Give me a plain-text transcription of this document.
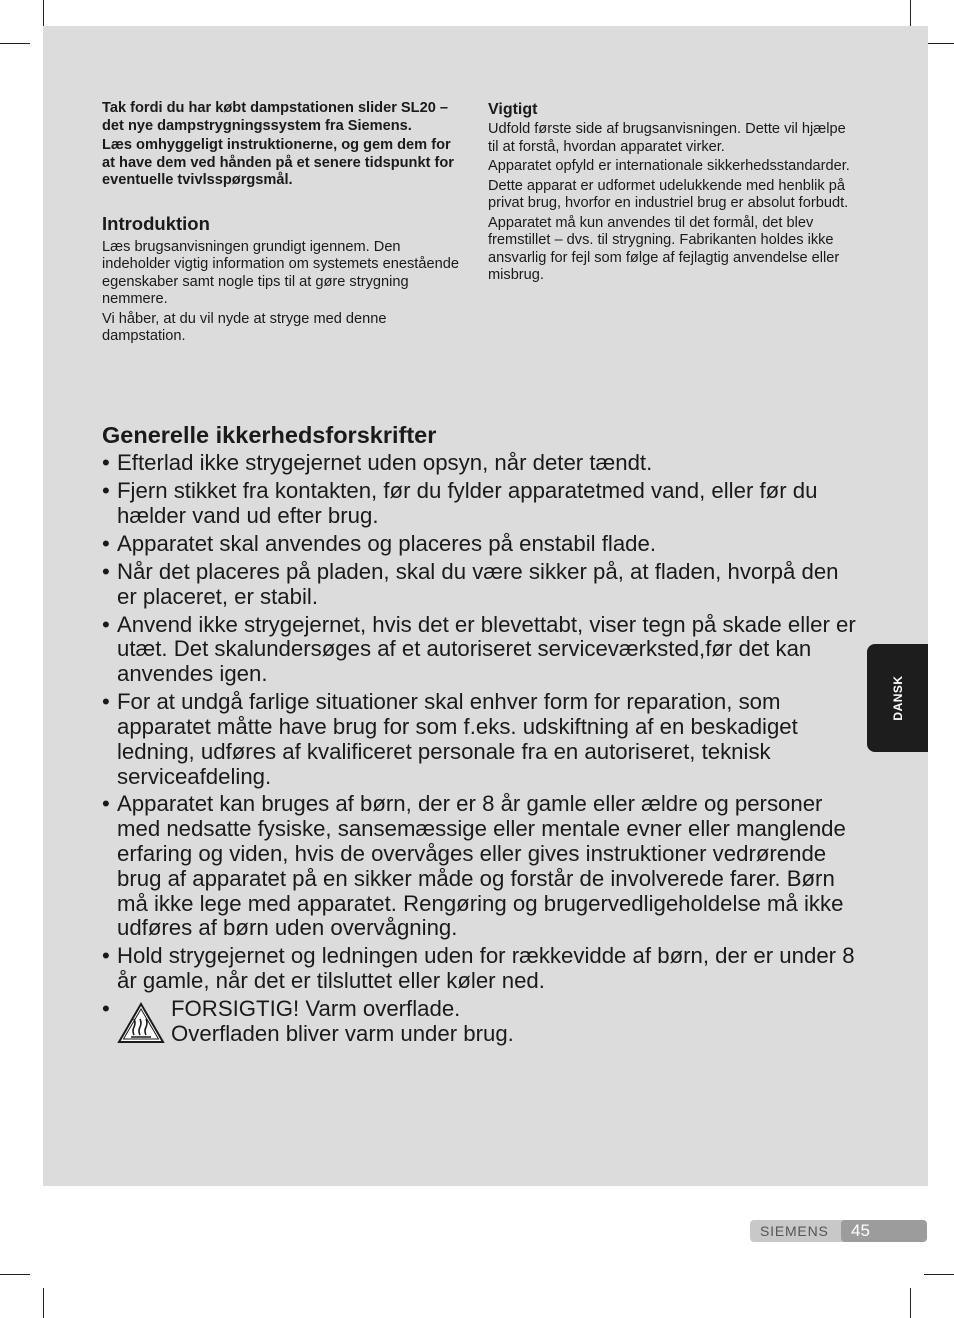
Tak fordi du har købt dampstationen slider SL20 – det nye dampstrygningssystem fra Siemens.

Læs omhyggeligt instruktionerne, og gem dem for at have dem ved hånden på et senere tidspunkt for eventuelle tvivlsspørgsmål.

Introduktion

Læs brugsanvisningen grundigt igennem. Den indeholder vigtig information om systemets enestående egenskaber samt nogle tips til at gøre strygning nemmere.

Vi håber, at du vil nyde at stryge med denne dampstation.

Vigtigt

Udfold første side af brugsanvisningen. Dette vil hjælpe til at forstå, hvordan apparatet virker.

Apparatet opfyld er internationale sikkerhedsstandarder.

Dette apparat er udformet udelukkende med henblik på privat brug, hvorfor en industriel brug er absolut forbudt.

Apparatet må kun anvendes til det formål, det blev fremstillet – dvs. til strygning. Fabrikanten holdes ikke ansvarlig for fejl som følge af fejlagtig anvendelse eller misbrug.

Generelle ikkerhedsforskrifter
• Efterlad ikke strygejernet uden opsyn, når deter tændt.
• Fjern stikket fra kontakten, før du fylder apparatetmed vand, eller før du hælder vand ud efter brug.
• Apparatet skal anvendes og placeres på enstabil flade.
• Når det placeres på pladen, skal du være sikker på, at fladen, hvorpå den er placeret, er stabil.
• Anvend ikke strygejernet, hvis det er blevettabt, viser tegn på skade eller er utæt. Det skalundersøges af et autoriseret serviceværksted,før det kan anvendes igen.
• For at undgå farlige situationer skal enhver form for reparation, som apparatet måtte have brug for som f.eks. udskiftning af en beskadiget ledning, udføres af kvalificeret personale fra en autoriseret, teknisk serviceafdeling.
• Apparatet kan bruges af børn, der er 8 år gamle eller ældre og personer med nedsatte fysiske, sansemæssige eller mentale evner eller manglende erfaring og viden, hvis de overvåges eller gives instruktioner vedrørende brug af apparatet på en sikker måde og forstår de involverede farer. Børn må ikke lege med apparatet. Rengøring og brugervedligeholdelse må ikke udføres af børn uden overvågning.
• Hold strygejernet og ledningen uden for rækkevidde af børn, der er under 8 år gamle, når det er tilsluttet eller køler ned.
•	FORSIGTIG! Varm overflade.
Overfladen bliver varm under brug.
DANSK
SIEMENS 45
